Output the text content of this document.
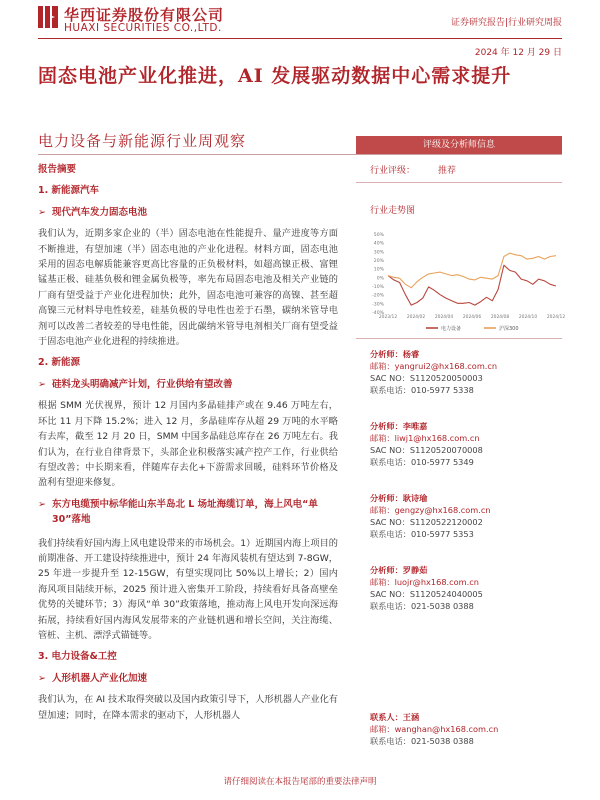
华西证券股份有限公司
HUAXI SECURITIES CO.,LTD.	证券研究报告|行业研究周报
2024 年 12 月 29 日
固态电池产业化推进，AI 发展驱动数据中心需求提升
电力设备与新能源行业周观察
报告摘要
1. 新能源汽车
➢ 现代汽车发力固态电池

我们认为，近期多家企业的（半）固态电池在性能提升、量产进度等方面不断推进，有望加速（半）固态电池的产业化进程。材料方面，固态电池采用的固态电解质能兼容更高比容量的正负极材料，如超高镍正极、富锂锰基正极、硅基负极和锂金属负极等，率先布局固态电池及相关产业链的厂商有望受益于产业化进程加快；此外，固态电池可兼容的高镍、甚至超高镍三元材料导电性较差，硅基负极的导电性也差于石墨，碳纳米管导电剂可以改善二者较差的导电性能，因此碳纳米管导电剂相关厂商有望受益于固态电池产业化进程的持续推进。

2. 新能源
➢ 硅料龙头明确减产计划，行业供给有望改善

根据 SMM 光伏视界，预计 12 月国内多晶硅排产或在 9.46 万吨左右，环比 11 月下降 15.2%；进入 12 月，多晶硅库存从超 29 万吨的水平略有去库，截至 12 月 20 日，SMM 中国多晶硅总库存在 26 万吨左右。我们认为，在行业自律背景下，头部企业积极落实减产控产工作，行业供给有望改善；中长期来看，伴随库存去化+下游需求回暖，硅料环节价格及盈利有望迎来修复。

➢ 东方电缆预中标华能山东半岛北 L 场址海缆订单，海上风电“单 30”落地

我们持续看好国内海上风电建设带来的市场机会。1）近期国内海上项目的前期准备、开工建设持续推进中，预计 24 年海风装机有望达到 7-8GW，25 年进一步提升至 12-15GW，有望实现同比 50%以上增长；2）国内海风项目陆续开标，2025 预计进入密集开工阶段，持续看好具备高壁垒优势的关键环节；3）海风“单 30”政策落地，推动海上风电开发向深远海拓展，持续看好国内海风发展带来的产业链机遇和增长空间，关注海缆、管桩、主机、漂浮式锚链等。

3. 电力设备&工控
➢ 人形机器人产业化加速

我们认为，在 AI 技术取得突破以及国内政策引导下，人形机器人产业化有望加速；同时，在降本需求的驱动下，人形机器人

评级及分析师信息
行业评级：	推荐
行业走势图
50%
40%
30%
20%
10%
0%
-10%
-20%
-30%
-40%
2023/12 2024/02 2024/04 2024/06 2024/08 2024/10 2024/12
电力设备	沪深300
分析师：杨睿
邮箱：yangrui2@hx168.com.cn
SAC NO：S1120520050003
联系电话：010-5977 5338
分析师：李唯嘉
邮箱：liwj1@hx168.com.cn
SAC NO：S1120520070008
联系电话：010-5977 5349
分析师：耿诗瑜
邮箱：gengzy@hx168.com.cn
SAC NO：S1120522120002
联系电话：010-5977 5353
分析师：罗静茹
邮箱：luojr@hx168.com.cn
SAC NO：S1120524040005
联系电话：021-5038 0388
联系人：王涵
邮箱：wanghan@hx168.com.cn
联系电话：021-5038 0388
请仔细阅读在本报告尾部的重要法律声明
